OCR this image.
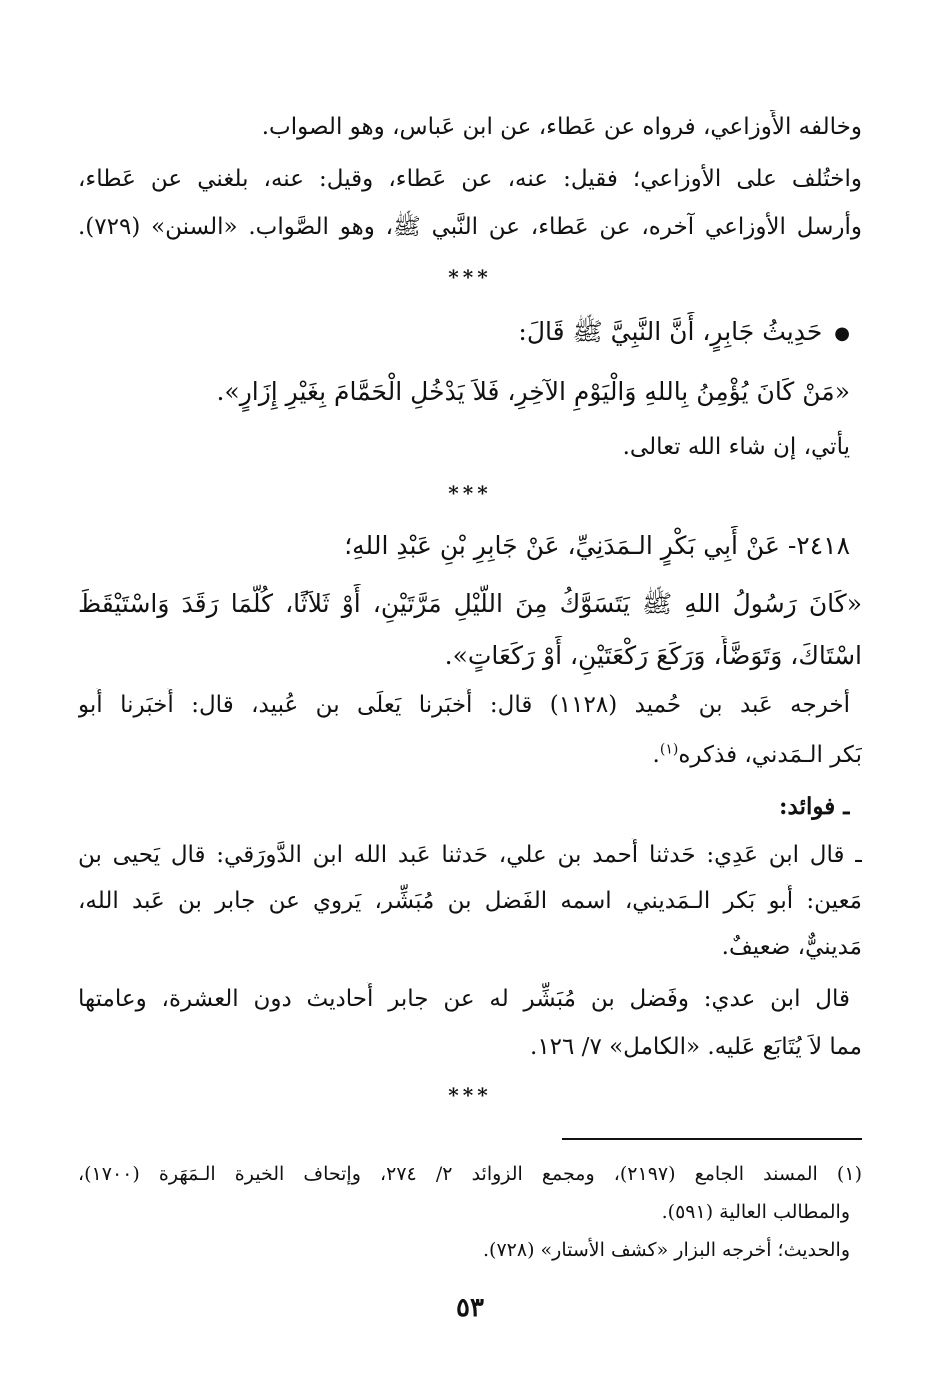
وخالفه الأَوزاعي، فرواه عن عَطاء، عن ابن عَباس، وهو الصواب.
واختُلف على الأوزاعي؛ فقيل: عنه، عن عَطاء، وقيل: عنه، بلغني عن عَطاء،
وأرسل الأوزاعي آخره، عن عَطاء، عن النَّبي ﷺ، وهو الصَّواب. «السنن» (٧٢٩).
***
●حَدِيثُ جَابِرٍ، أَنَّ النَّبِيَّ ﷺ قَالَ:
«مَنْ كَانَ يُؤْمِنُ بِاللهِ وَالْيَوْمِ الآخِرِ، فَلاَ يَدْخُلِ الْحَمَّامَ بِغَيْرِ إِزَارٍ».
يأتي، إن شاء الله تعالى.
***
٢٤١٨- عَنْ أَبِي بَكْرٍ الـمَدَنِيِّ، عَنْ جَابِرِ بْنِ عَبْدِ اللهِ؛
«كَانَ رَسُولُ اللهِ ﷺ يَتَسَوَّكُ مِنَ اللَّيْلِ مَرَّتَيْنِ، أَوْ ثَلاَثًا، كُلَّمَا رَقَدَ وَاسْتَيْقَظَ
اسْتَاكَ، وَتَوَضَّأَ، وَرَكَعَ رَكْعَتَيْنِ، أَوْ رَكَعَاتٍ».
أخرجه عَبد بن حُميد (١١٢٨) قال: أَخبَرنا يَعلَى بن عُبيد، قال: أَخبَرنا أَبو
بَكر الـمَدني، فذكره$^{(١)}$.
ـ فوائد:
ـ قال ابن عَدِي: حَدثنا أَحمد بن علي، حَدثنا عَبد الله ابن الدَّورَقي: قال يَحيى بن
مَعين: أَبو بَكر الـمَديني، اسمه الفَضل بن مُبَشِّر، يَروي عن جابر بن عَبد الله،
مَدينيٌّ، ضعيفٌ.
قال ابن عدي: وفَضل بن مُبَشِّر له عن جابر أَحاديث دون العشرة، وعامتها
مما لاَ يُتَابَع عَليه. «الكامل» ٧/ ١٢٦.
***
(١) المسند الجامع (٢١٩٧)، ومجمع الزوائد ٢/ ٢٧٤، وإتحاف الخيرة الـمَهَرة (١٧٠٠)،
والمطالب العالية (٥٩١).
والحديث؛ أخرجه البزار «كشف الأستار» (٧٢٨).
٥٣
